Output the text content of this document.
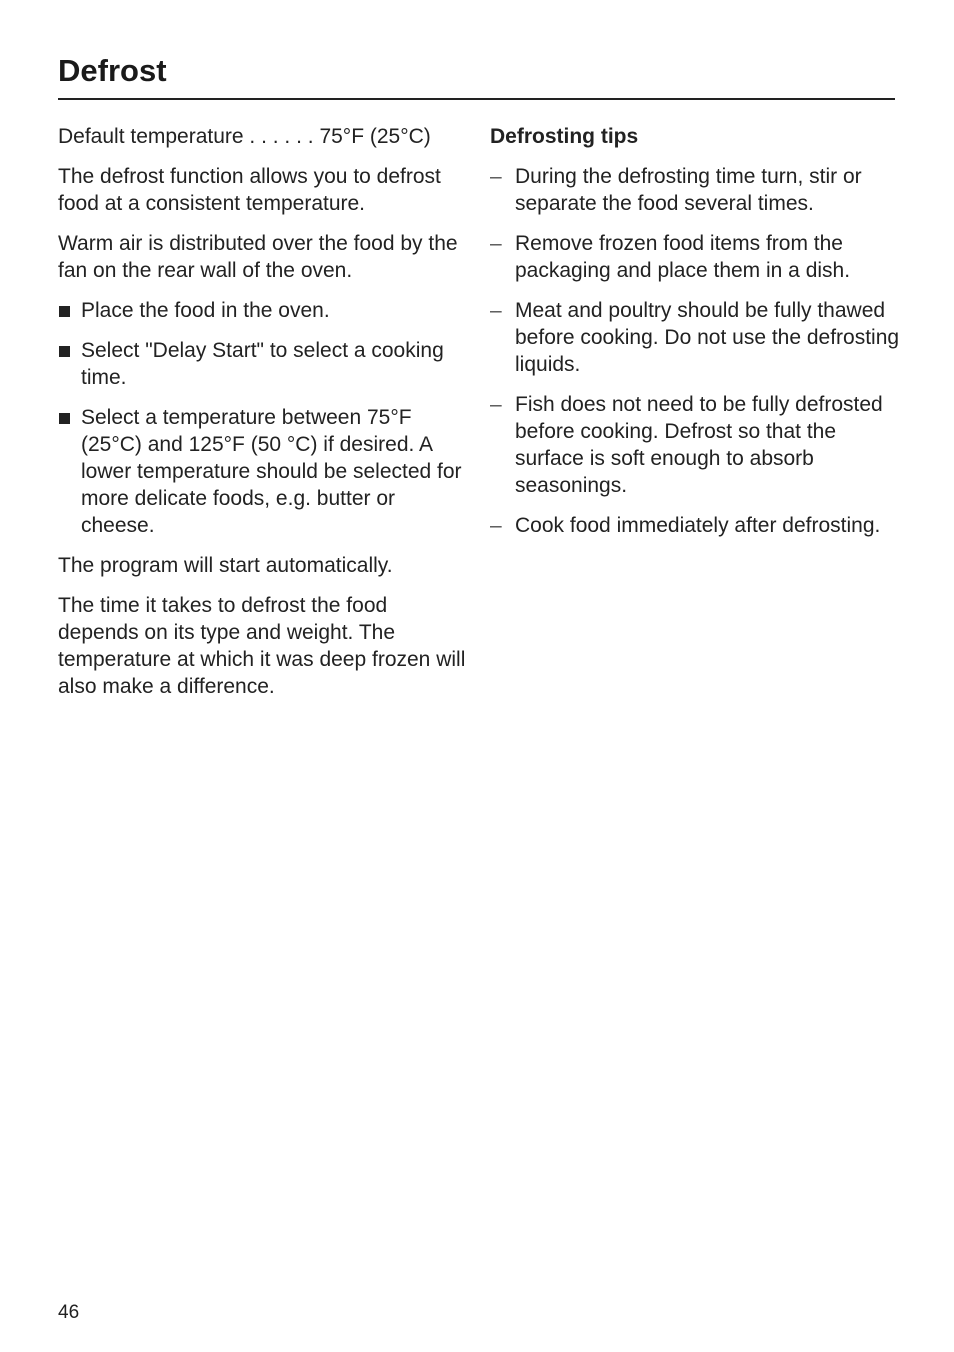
Defrost

Default temperature . . . . . . 75°F (25°C)

The defrost function allows you to defrost food at a consistent temperature.

Warm air is distributed over the food by the fan on the rear wall of the oven.

Place the food in the oven.
Select "Delay Start" to select a cooking time.
Select a temperature between 75°F (25°C) and 125°F (50 °C) if desired. A lower temperature should be selected for more delicate foods, e.g. butter or cheese.

The program will start automatically.

The time it takes to defrost the food depends on its type and weight. The temperature at which it was deep frozen will also make a difference.

Defrosting tips

– During the defrosting time turn, stir or separate the food several times.
– Remove frozen food items from the packaging and place them in a dish.
– Meat and poultry should be fully thawed before cooking. Do not use the defrosting liquids.
– Fish does not need to be fully defrosted before cooking. Defrost so that the surface is soft enough to absorb seasonings.
– Cook food immediately after defrosting.
46
